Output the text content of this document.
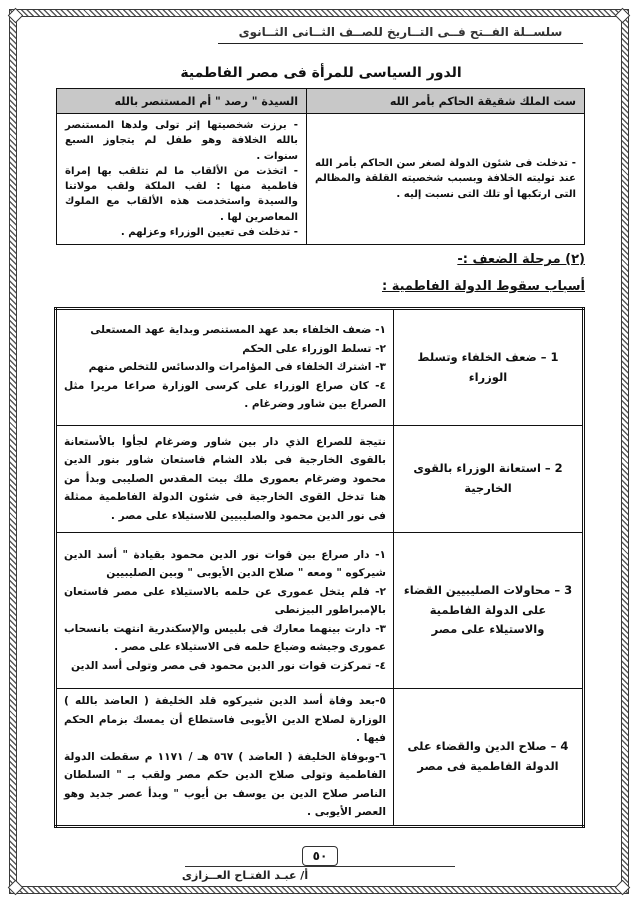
سلســلة الفــتح فــى التــاريخ للصــف الثــانى الثــانوى
الدور السياسى للمرأة فى مصر الفاطمية
ست الملك شقيقة الحاكم بأمر الله	السيدة " رصد " أم المستنصر بالله

- تدخلت فى شئون الدولة لصغر سن الحاكم بأمر الله عند توليته الخلافة وبسبب شخصيته القلقة والمظالم التى ارتكبها أو تلك التى نسبت إليه .	- برزت شخصيتها إثر تولى ولدها المستنصر بالله الخلافة وهو طفل لم يتجاوز السبع سنوات .

- اتخذت من الألقاب ما لم تتلقب بها إمراة فاطمية منها : لقب الملكة ولقب مولاتنا والسيدة واستخدمت هذه الألقاب مع الملوك المعاصرين لها .

- تدخلت فى تعيين الوزراء وعزلهم .

(٢) مرحلة الضعف :-
أسباب سقوط الدولة الفاطمية :
1 – ضعف الخلفاء وتسلط الوزراء	١- ضعف الخلفاء بعد عهد المستنصر وبداية عهد المستعلى

٢- تسلط الوزراء على الحكم

٣- اشترك الخلفاء فى المؤامرات والدسائس للتخلص منهم

٤- كان صراع الوزراء على كرسى الوزارة صراعا مريرا مثل الصراع بين شاور وضرغام .

2 – استعانة الوزراء بالقوى الخارجية	نتيجة للصراع الذي دار بين شاور وضرغام لجأوا بالأستعانة بالقوى الخارجية فى بلاد الشام فاستعان شاور بنور الدين محمود وضرغام بعمورى ملك بيت المقدس الصليبى وبدأ من هنا تدخل القوى الخارجية فى شئون الدولة الفاطمية ممثلة فى نور الدين محمود والصليبيين للاستيلاء على مصر .

3 – محاولات الصليبيين القضاء على الدولة الفاطمية والاستيلاء على مصر	١- دار صراع بين قوات نور الدين محمود بقيادة " أسد الدين شيركوه " ومعه " صلاح الدين الأيوبى " وبين الصليبيين

٢- فلم يتخل عمورى عن حلمه بالاستيلاء على مصر فاستعان بالإمبراطور البيزنطى

٣- دارت بينهما معارك فى بلبيس والإسكندرية انتهت بانسحاب عمورى وجيشه وضياع حلمه فى الاستيلاء على مصر .

٤- تمركزت قوات نور الدين محمود فى مصر وتولى أسد الدين

4 – صلاح الدين والقضاء على الدولة الفاطمية فى مصر	٥-بعد وفاة أسد الدين شيركوه قلد الخليفة ( العاضد بالله ) الوزارة لصلاح الدين الأيوبى فاستطاع أن يمسك بزمام الحكم فيها .

٦-وبوفاة الخليفة ( العاضد ) ٥٦٧ هـ / ١١٧١ م سقطت الدولة الفاطمية وتولى صلاح الدين حكم مصر ولقب بـ " السلطان الناصر صلاح الدين بن يوسف بن أيوب " وبدأ عصر جديد وهو العصر الأيوبى .

٥٠
أ/ عبـد الفتـاح العــزازى
